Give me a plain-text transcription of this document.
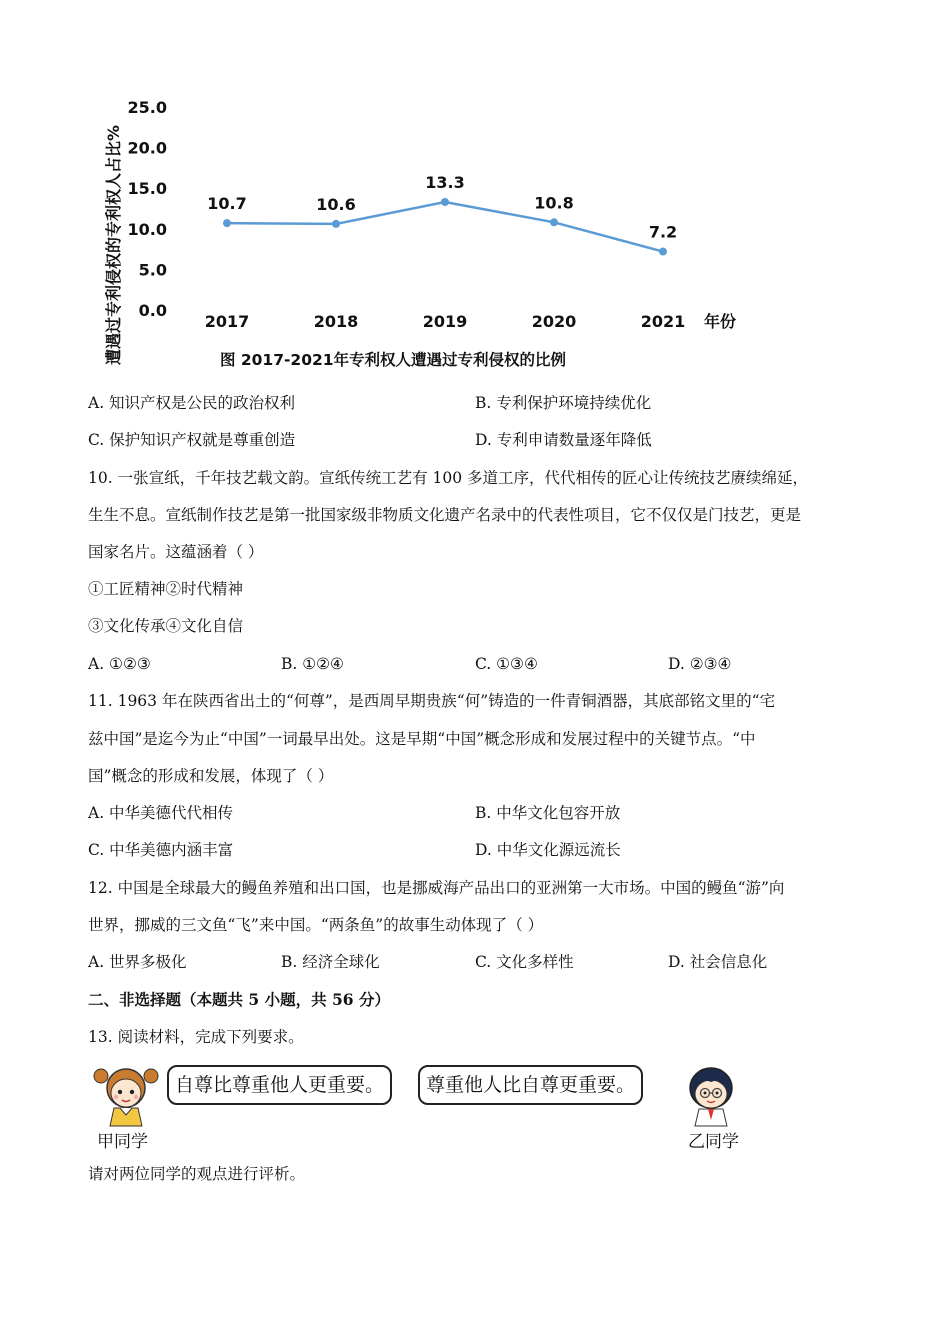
遭遇过专利侵权的专利权人占比%
25.0
20.0
15.0
10.0
5.0
0.0
2017	2018	2019	2020	2021 年份
10.7	10.6
13.3
10.8
7.2
图 2017-2021年专利权人遭遇过专利侵权的比例
A. 知识产权是公民的政治权利	B. 专利保护环境持续优化
C. 保护知识产权就是尊重创造	D. 专利申请数量逐年降低
10. 一张宣纸，千年技艺载文韵。宣纸传统工艺有 100 多道工序，代代相传的匠心让传统技艺赓续绵延，
生生不息。宣纸制作技艺是第一批国家级非物质文化遗产名录中的代表性项目，它不仅仅是门技艺，更是
国家名片。这蕴涵着（ ）
①工匠精神②时代精神
③文化传承④文化自信
A. ①②③	B. ①②④	C. ①③④	D. ②③④
11. 1963 年在陕西省出土的“何尊”，是西周早期贵族“何”铸造的一件青铜酒器，其底部铭文里的“宅
兹中国”是迄今为止“中国”一词最早出处。这是早期“中国”概念形成和发展过程中的关键节点。“中
国”概念的形成和发展，体现了（ ）
A. 中华美德代代相传	B. 中华文化包容开放
C. 中华美德内涵丰富	D. 中华文化源远流长
12. 中国是全球最大的鳗鱼养殖和出口国，也是挪威海产品出口的亚洲第一大市场。中国的鳗鱼“游”向
世界，挪威的三文鱼“飞”来中国。“两条鱼”的故事生动体现了（ ）
A. 世界多极化	B. 经济全球化	C. 文化多样性	D. 社会信息化
二、非选择题（本题共 5 小题，共 56 分）
13. 阅读材料，完成下列要求。
甲同学
自尊比尊重他人更重要。	尊重他人比自尊更重要。
乙同学
请对两位同学的观点进行评析。
